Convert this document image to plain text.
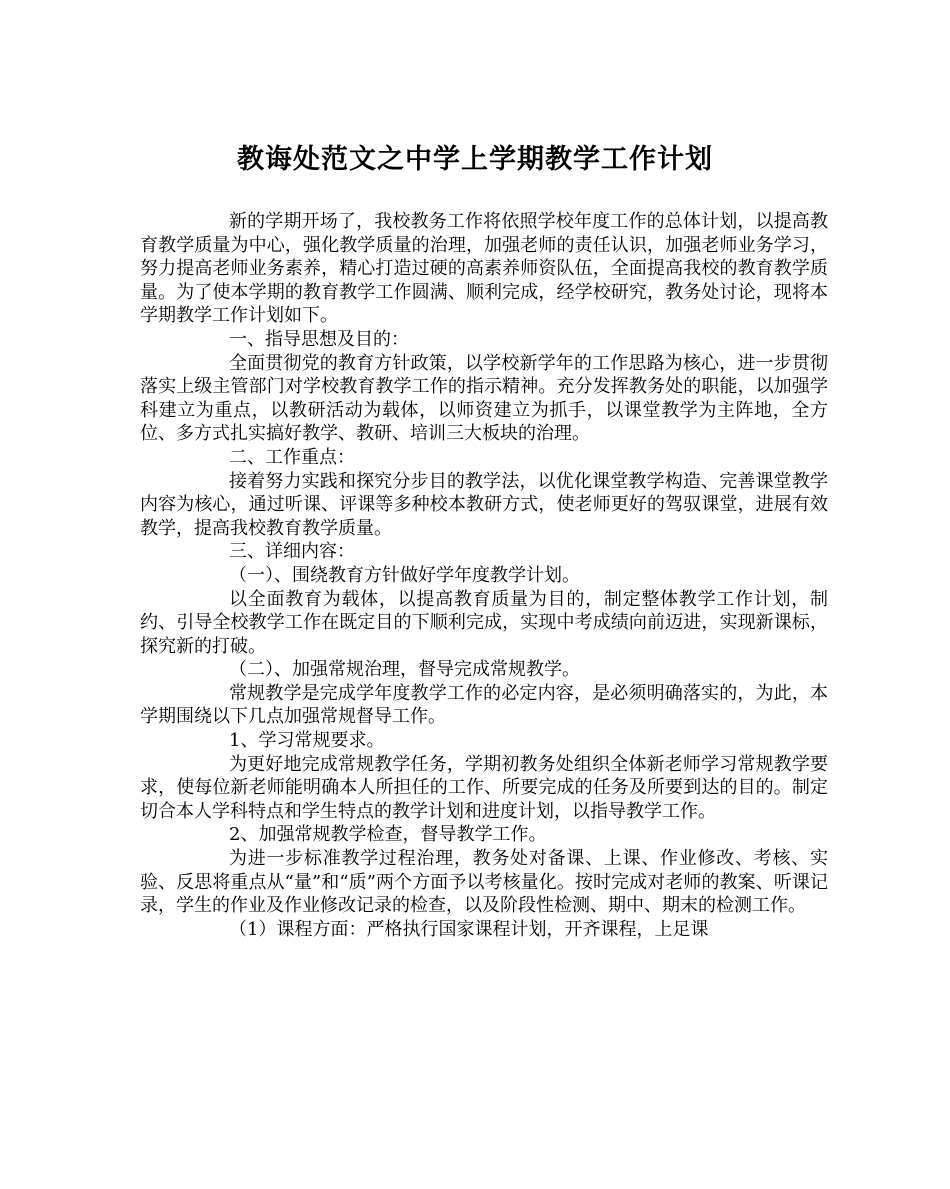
教诲处范文之中学上学期教学工作计划

新的学期开场了，我校教务工作将依照学校年度工作的总体计划，以提高教育教学质量为中心，强化教学质量的治理，加强老师的责任认识，加强老师业务学习，努力提高老师业务素养，精心打造过硬的高素养师资队伍，全面提高我校的教育教学质量。为了使本学期的教育教学工作圆满、顺利完成，经学校研究，教务处讨论，现将本学期教学工作计划如下。

一、指导思想及目的：

全面贯彻党的教育方针政策，以学校新学年的工作思路为核心，进一步贯彻落实上级主管部门对学校教育教学工作的指示精神。充分发挥教务处的职能，以加强学科建立为重点，以教研活动为载体，以师资建立为抓手，以课堂教学为主阵地，全方位、多方式扎实搞好教学、教研、培训三大板块的治理。

二、工作重点：

接着努力实践和探究分步目的教学法，以优化课堂教学构造、完善课堂教学内容为核心，通过听课、评课等多种校本教研方式，使老师更好的驾驭课堂，进展有效教学，提高我校教育教学质量。

三、详细内容：

（一）、围绕教育方针做好学年度教学计划。

以全面教育为载体，以提高教育质量为目的，制定整体教学工作计划，制约、引导全校教学工作在既定目的下顺利完成，实现中考成绩向前迈进，实现新课标，探究新的打破。

（二）、加强常规治理，督导完成常规教学。

常规教学是完成学年度教学工作的必定内容，是必须明确落实的，为此，本学期围绕以下几点加强常规督导工作。

1、学习常规要求。

为更好地完成常规教学任务，学期初教务处组织全体新老师学习常规教学要求，使每位新老师能明确本人所担任的工作、所要完成的任务及所要到达的目的。制定切合本人学科特点和学生特点的教学计划和进度计划，以指导教学工作。

2、加强常规教学检查，督导教学工作。

为进一步标准教学过程治理，教务处对备课、上课、作业修改、考核、实验、反思将重点从“量”和“质”两个方面予以考核量化。按时完成对老师的教案、听课记录，学生的作业及作业修改记录的检查，以及阶段性检测、期中、期末的检测工作。

（1）课程方面：严格执行国家课程计划，开齐课程，上足课
